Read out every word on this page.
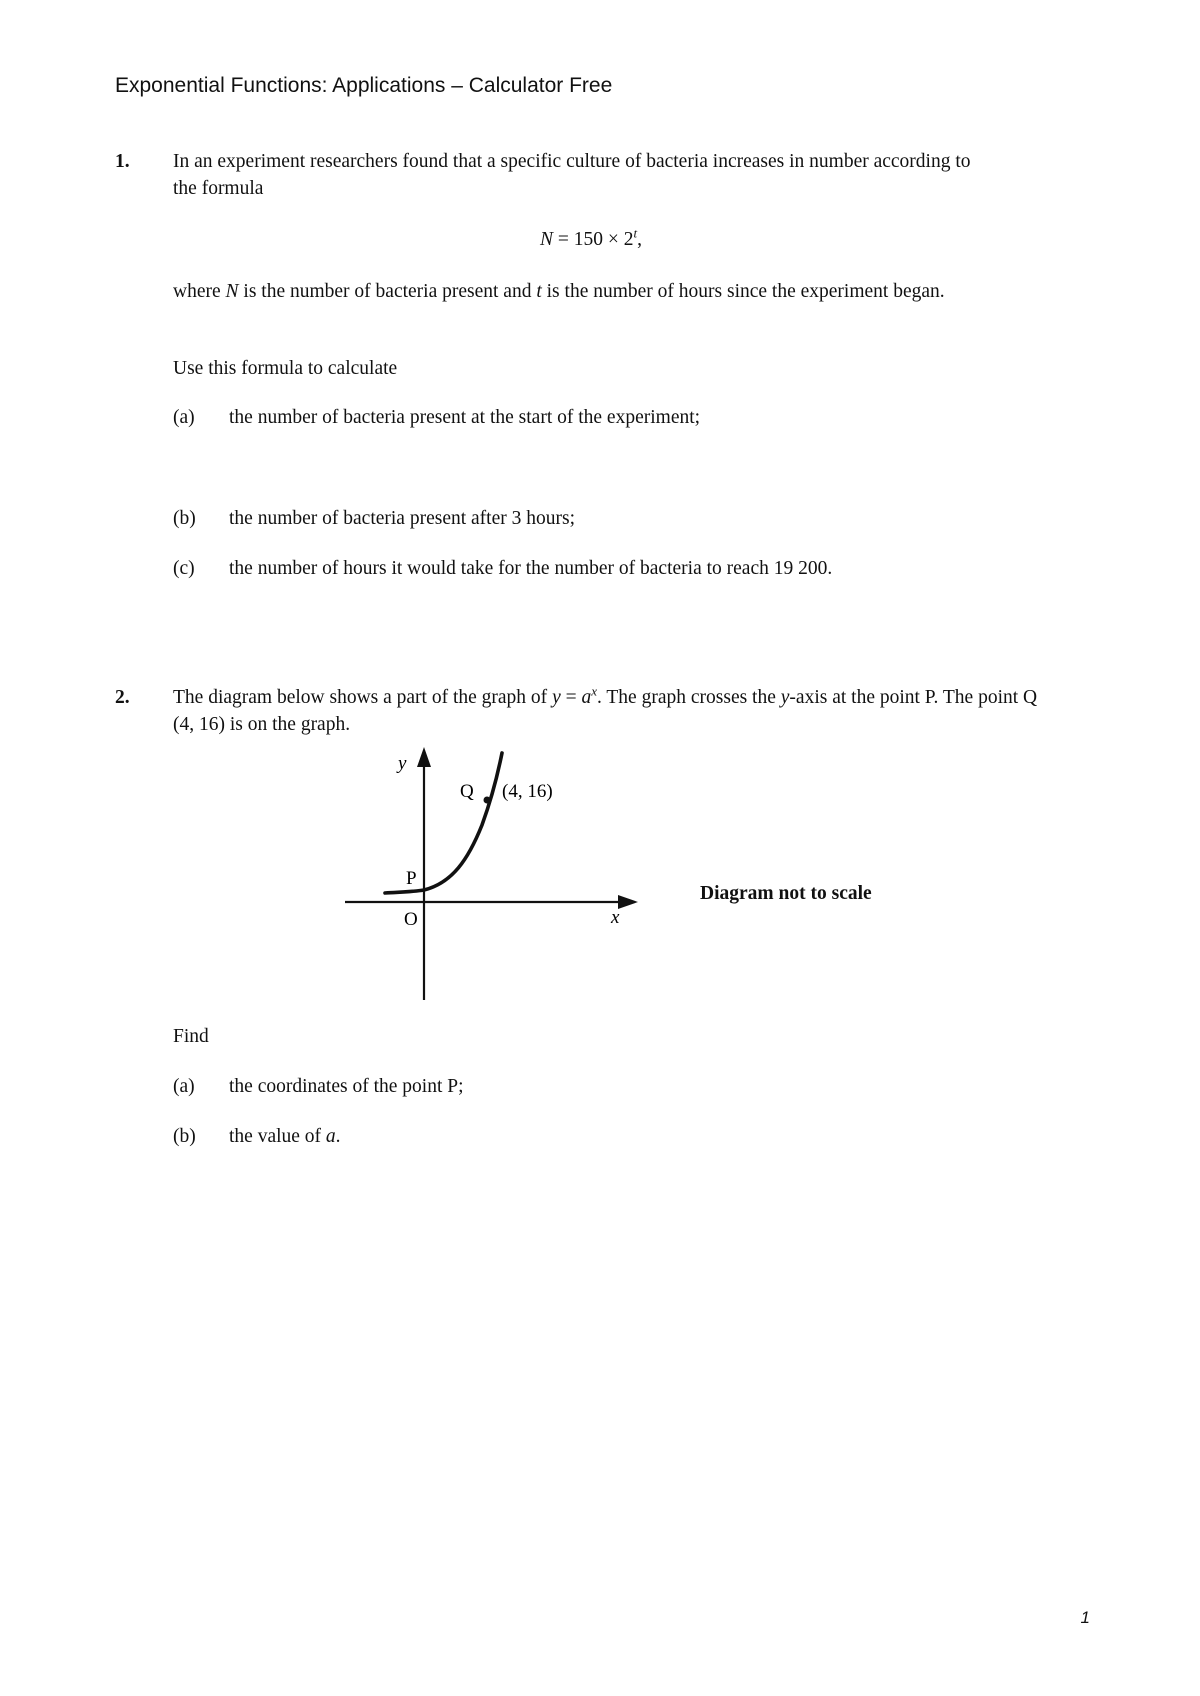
Exponential Functions: Applications – Calculator Free
1. In an experiment researchers found that a specific culture of bacteria increases in number according to the formula
$N = 150 \times 2^t$,
where N is the number of bacteria present and t is the number of hours since the experiment began.
Use this formula to calculate
(a) the number of bacteria present at the start of the experiment;
(b) the number of bacteria present after 3 hours;
(c) the number of hours it would take for the number of bacteria to reach 19 200.
2. The diagram below shows a part of the graph of $y = a^x$. The graph crosses the y-axis at the point P. The point Q (4, 16) is on the graph.
y
x
O
P
Q (4, 16)
Diagram not to scale
Find
(a) the coordinates of the point P;
(b) the value of a.
1
